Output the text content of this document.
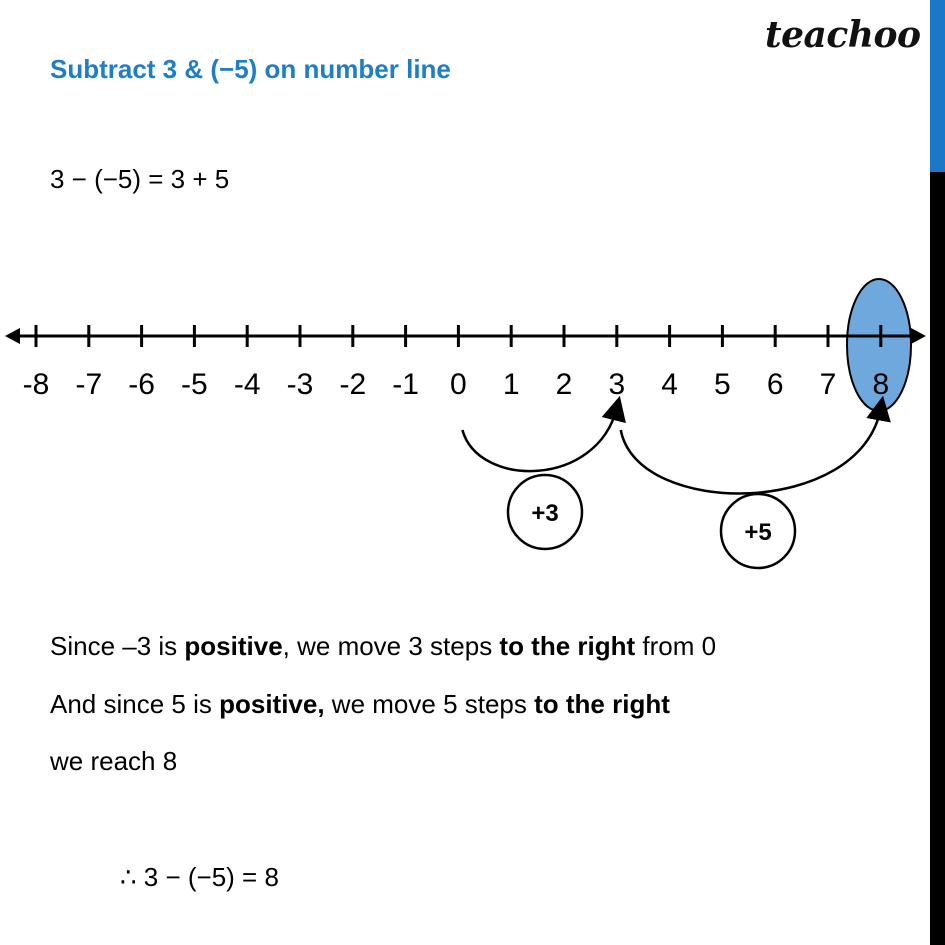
teachoo
Subtract 3 & (−5) on number line
3 − (−5) = 3 + 5
-8 -7 -6 -5 -4 -3 -2 -1 0 1 2 3 4 5 6 7 8
+3
+5
Since –3 is positive, we move 3 steps to the right from 0
And since 5 is positive, we move 5 steps to the right
we reach 8
∴ 3 − (−5) = 8
